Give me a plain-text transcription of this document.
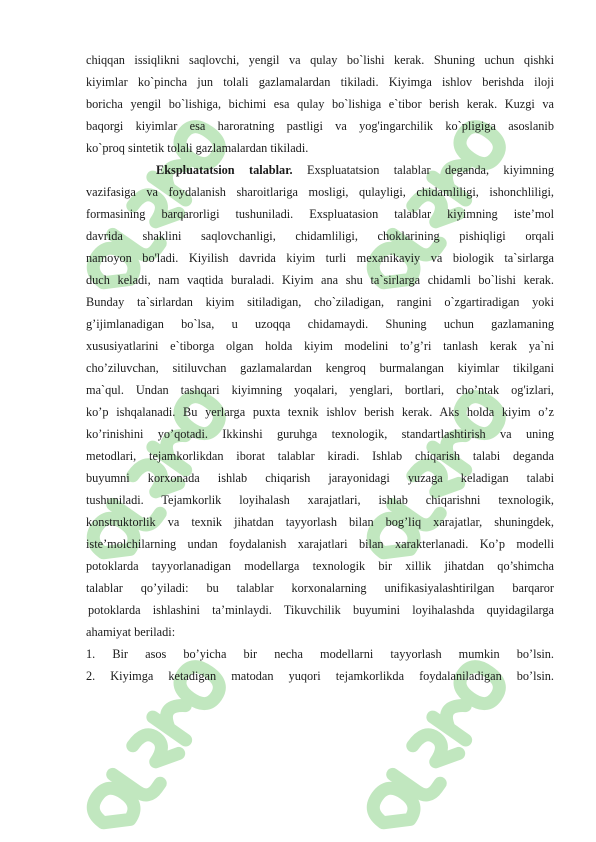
chiqqan issiqlikni saqlovchi, yengil va qulay bo`lishi kerak. Shuning uchun qishki
kiyimlar ko`pincha jun tolali gazlamalardan tikiladi. Kiyimga ishlov berishda iloji
boricha yengil bo`lishiga, bichimi esa qulay bo`lishiga e`tibor berish kerak. Kuzgi va
baqorgi kiyimlar esa haroratning pastligi va yog'ingarchilik ko`pligiga asoslanib
ko`proq sintetik tolali gazlamalardan tikiladi.
Ekspluatatsion talablar. Exspluatatsion talablar deganda, kiyimning
vazifasiga va foydalanish sharoitlariga mosligi, qulayligi, chidamliligi, ishonchliligi,
formasining barqarorligi tushuniladi. Exspluatasion talablar kiyimning iste’mol
davrida shaklini saqlovchanligi, chidamliligi, choklarining pishiqligi orqali
namoyon bo'ladi. Kiyilish davrida kiyim turli mexanikaviy va biologik ta`sirlarga
duch keladi, nam vaqtida buraladi. Kiyim ana shu ta`sirlarga chidamli bo`lishi kerak.
Bunday ta`sirlardan kiyim sitiladigan, cho`ziladigan, rangini o`zgartiradigan yoki
g’ijimlanadigan bo`lsa, u uzoqqa chidamaydi. Shuning uchun gazlamaning
xususiyatlarini e`tiborga olgan holda kiyim modelini to’g’ri tanlash kerak ya`ni
cho’ziluvchan, sitiluvchan gazlamalardan kengroq burmalangan kiyimlar tikilgani
ma`qul. Undan tashqari kiyimning yoqalari, yenglari, bortlari, cho’ntak og'izlari,
ko’p ishqalanadi. Bu yerlarga puxta texnik ishlov berish kerak. Aks holda kiyim o’z
ko’rinishini yo’qotadi. Ikkinshi guruhga texnologik, standartlashtirish va uning
metodlari, tejamkorlikdan iborat talablar kiradi. Ishlab chiqarish talabi deganda
buyumni korxonada ishlab chiqarish jarayonidagi yuzaga keladigan talabi
tushuniladi. Tejamkorlik loyihalash xarajatlari, ishlab chiqarishni texnologik,
konstruktorlik va texnik jihatdan tayyorlash bilan bog’liq xarajatlar, shuningdek,
iste’molchilarning undan foydalanish xarajatlari bilan xarakterlanadi. Ko’p modelli
potoklarda tayyorlanadigan modellarga texnologik bir xillik jihatdan qo’shimcha
talablar qo’yiladi: bu talablar korxonalarning unifikasiyalashtirilgan barqaror
potoklarda ishlashini ta’minlaydi. Tikuvchilik buyumini loyihalashda quyidagilarga
ahamiyat beriladi:
1. Bir asos bo’yicha bir necha modellarni tayyorlash mumkin bo’lsin.
2. Kiyimga ketadigan matodan yuqori tejamkorlikda foydalaniladigan bo’lsin.
